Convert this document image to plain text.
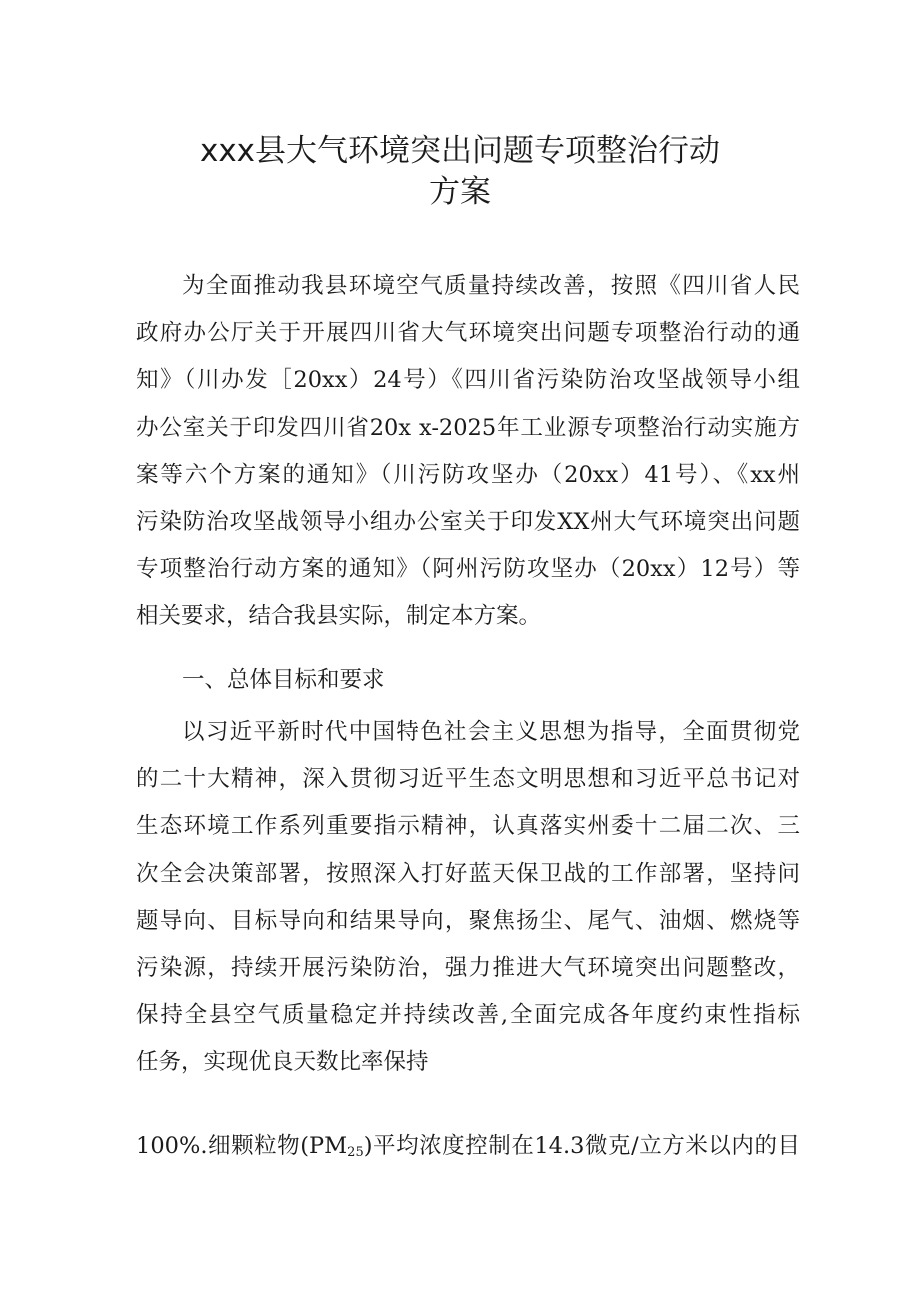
xxx县大气环境突出问题专项整治行动
方案
为全面推动我县环境空气质量持续改善，按照《四川省人民
政府办公厅关于开展四川省大气环境突出问题专项整治行动的通
知》（川办发［20xx）24号）《四川省污染防治攻坚战领导小组
办公室关于印发四川省20x x-2025年工业源专项整治行动实施方
案等六个方案的通知》（川污防攻坚办（20xx）41号）、《xx州
污染防治攻坚战领导小组办公室关于印发XX州大气环境突出问题
专项整治行动方案的通知》（阿州污防攻坚办（20xx）12号）等
相关要求，结合我县实际，制定本方案。
一、总体目标和要求
以习近平新时代中国特色社会主义思想为指导，全面贯彻党
的二十大精神，深入贯彻习近平生态文明思想和习近平总书记对
生态环境工作系列重要指示精神，认真落实州委十二届二次、三
次全会决策部署，按照深入打好蓝天保卫战的工作部署，坚持问
题导向、目标导向和结果导向，聚焦扬尘、尾气、油烟、燃烧等
污染源，持续开展污染防治，强力推进大气环境突出问题整改，
保持全县空气质量稳定并持续改善,全面完成各年度约束性指标
任务，实现优良天数比率保持
100%.细颗粒物$(PM_{25})$平均浓度控制在14.3微克/立方米以内的目
